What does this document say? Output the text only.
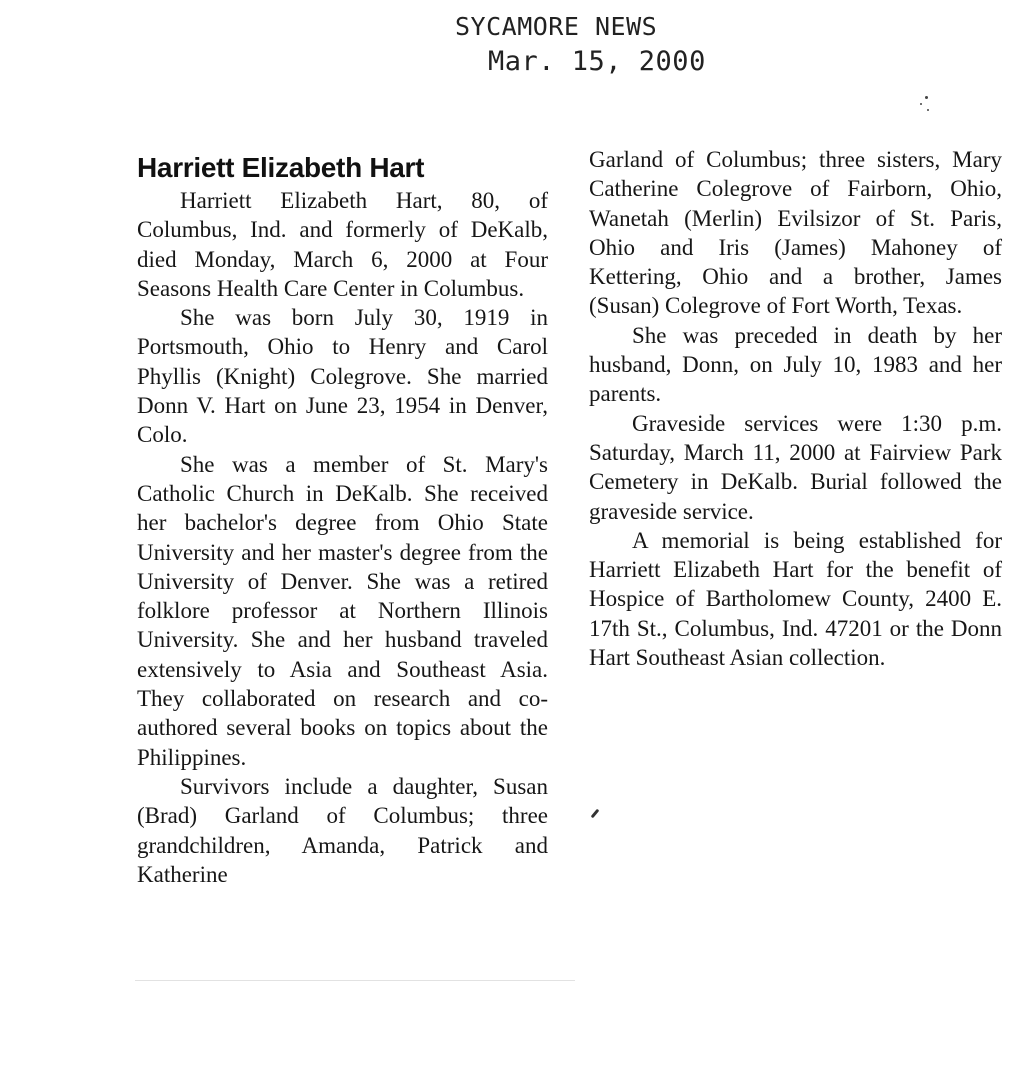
SYCAMORE NEWS
Mar. 15, 2000
Harriett Elizabeth Hart

Harriett Elizabeth Hart, 80, of Columbus, Ind. and formerly of DeKalb, died Monday, March 6, 2000 at Four Seasons Health Care Center in Columbus.

She was born July 30, 1919 in Portsmouth, Ohio to Henry and Carol Phyllis (Knight) Colegrove. She married Donn V. Hart on June 23, 1954 in Denver, Colo.

She was a member of St. Mary's Catholic Church in DeKalb. She received her bachelor's degree from Ohio State University and her master's degree from the University of Denver. She was a retired folklore professor at Northern Illinois University. She and her husband traveled extensively to Asia and Southeast Asia. They collaborated on research and co-authored several books on topics about the Philippines.

Survivors include a daughter, Susan (Brad) Garland of Columbus; three grandchildren, Amanda, Patrick and Katherine

Garland of Columbus; three sisters, Mary Catherine Colegrove of Fairborn, Ohio, Wanetah (Merlin) Evilsizor of St. Paris, Ohio and Iris (James) Mahoney of Kettering, Ohio and a brother, James (Susan) Colegrove of Fort Worth, Texas.

She was preceded in death by her husband, Donn, on July 10, 1983 and her parents.

Graveside services were 1:30 p.m. Saturday, March 11, 2000 at Fairview Park Cemetery in DeKalb. Burial followed the graveside service.

A memorial is being established for Harriett Elizabeth Hart for the benefit of Hospice of Bartholomew County, 2400 E. 17th St., Columbus, Ind. 47201 or the Donn Hart Southeast Asian collection.
